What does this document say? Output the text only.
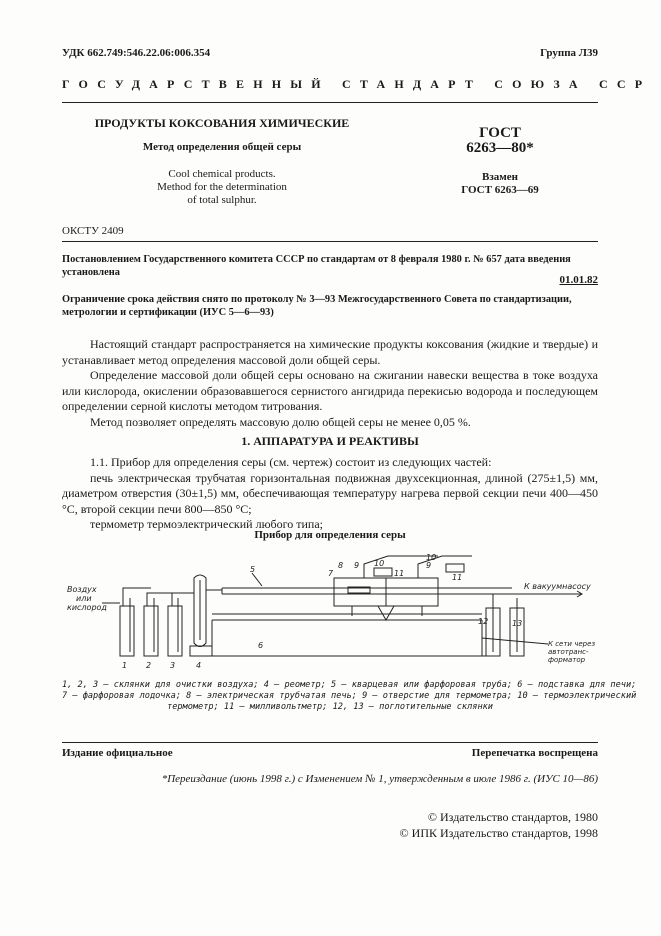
УДК 662.749:546.22.06:006.354	Группа Л39
ГОСУДАРСТВЕННЫЙ СТАНДАРТ СОЮЗА ССР
ПРОДУКТЫ КОКСОВАНИЯ ХИМИЧЕСКИЕ
Метод определения общей серы
Cool chemical products.
Method for the determination
of total sulphur.
ГОСТ
6263—80*
Взамен
ГОСТ 6263—69
ОКСТУ 2409
Постановлением Государственного комитета СССР по стандартам от 8 февраля 1980 г. № 657 дата введения
установлена
01.01.82
Ограничение срока действия снято по протоколу № 3—93 Межгосударственного Совета по стандартизации,
метрологии и сертификации (ИУС 5—6—93)

Настоящий стандарт распространяется на химические продукты коксования (жидкие и твердые) и устанавливает метод определения массовой доли общей серы.

Определение массовой доли общей серы основано на сжигании навески вещества в токе воздуха или кислорода, окислении образовавшегося сернистого ангидрида перекисью водорода и последующем определении серной кислоты методом титрования.

Метод позволяет определять массовую долю общей серы не менее 0,05 %.

1. АППАРАТУРА И РЕАКТИВЫ

1.1. Прибор для определения серы (см. чертеж) состоит из следующих частей:

печь электрическая трубчатая горизонтальная подвижная двухсекционная, длиной (275±1,5) мм, диаметром отверстия (30±1,5) мм, обеспечивающая температуру нагрева первой секции печи 400—450 °С, второй секции печи 800—850 °С;

термометр термоэлектрический любого типа;

Прибор для определения серы
Воздух
или
кислород
К вакуумнасосу
К сети через
автотранс-
форматор
1 2 3	4
5
6
7
8 9	9
10
10
11	11
12	13
1, 2, 3 — склянки для очистки воздуха; 4 — реометр; 5 — кварцевая или фарфоровая труба; 6 — подставка для печи;
7 — фарфоровая лодочка; 8 — электрическая трубчатая печь; 9 — отверстие для термометра; 10 — термоэлектрический
термометр; 11 — милливольтметр; 12, 13 — поглотительные склянки
Издание официальное	Перепечатка воспрещена
*Переиздание (июнь 1998 г.) с Изменением № 1, утвержденным в июле 1986 г. (ИУС 10—86)
© Издательство стандартов, 1980
© ИПК Издательство стандартов, 1998
